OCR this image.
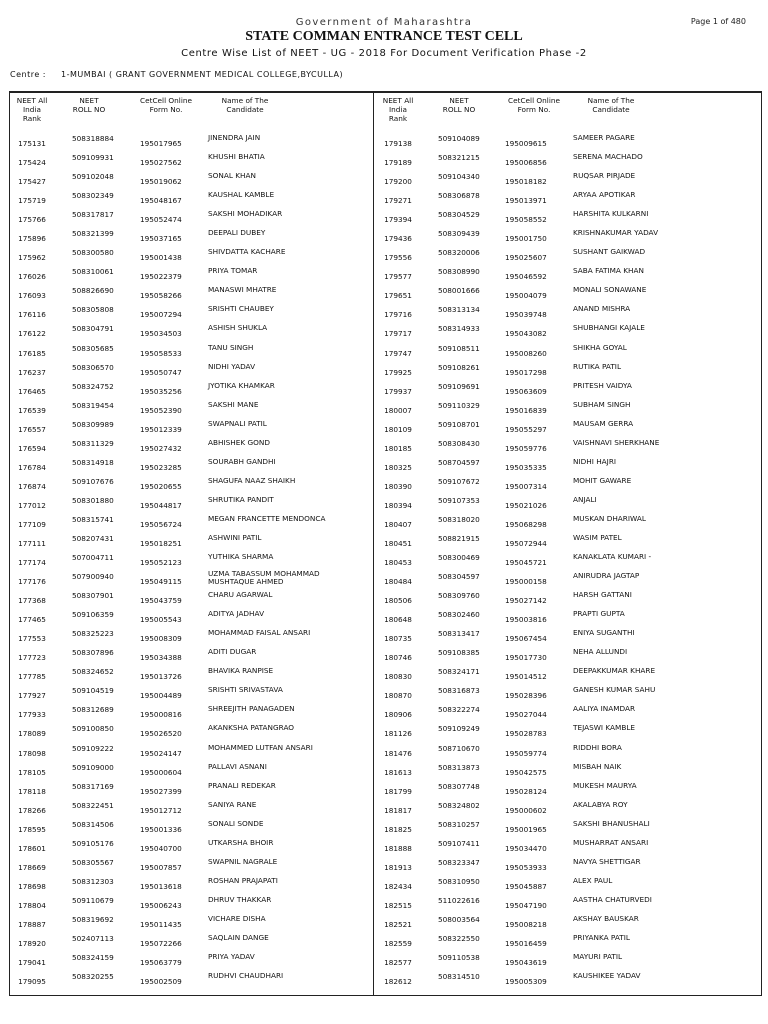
Government of Maharashtra	Page 1 of 480
STATE COMMAN ENTRANCE TEST CELL
Centre Wise List of NEET - UG - 2018 For Document Verification Phase -2
Centre : 1-MUMBAI ( GRANT GOVERNMENT MEDICAL COLLEGE,BYCULLA)
NEET All
India
Rank
NEET
ROLL NO
CetCell Online
Form No.
Name of The
Candidate
175131
508318884
195017965
JINENDRA JAIN
175424
509109931
195027562
KHUSHI BHATIA
175427
509102048
195019062
SONAL KHAN
175719
508302349
195048167
KAUSHAL KAMBLE
175766
508317817
195052474
SAKSHI MOHADIKAR
175896
508321399
195037165
DEEPALI DUBEY
175962
508300580
195001438
SHIVDATTA KACHARE
176026
508310061
195022379
PRIYA TOMAR
176093
508826690
195058266
MANASWI MHATRE
176116
508305808
195007294
SRISHTI CHAUBEY
176122
508304791
195034503
ASHISH SHUKLA
176185
508305685
195058533
TANU SINGH
176237
508306570
195050747
NIDHI YADAV
176465
508324752
195035256
JYOTIKA KHAMKAR
176539
508319454
195052390
SAKSHI MANE
176557
508309989
195012339
SWAPNALI PATIL
176594
508311329
195027432
ABHISHEK GOND
176784
508314918
195023285
SOURABH GANDHI
176874
509107676
195020655
SHAGUFA NAAZ SHAIKH
177012
508301880
195044817
SHRUTIKA PANDIT
177109
508315741
195056724
MEGAN FRANCETTE MENDONCA
177111
508207431
195018251
ASHWINI PATIL
177174
507004711
195052123
YUTHIKA SHARMA
177176
507900940
195049115
UZMA TABASSUM MOHAMMAD MUSHTAQUE AHMED
177368
508307901
195043759
CHARU AGARWAL
177465
509106359
195005543
ADITYA JADHAV
177553
508325223
195008309
MOHAMMAD FAISAL ANSARI
177723
508307896
195034388
ADITI DUGAR
177785
508324652
195013726
BHAVIKA RANPISE
177927
509104519
195004489
SRISHTI SRIVASTAVA
177933
508312689
195000816
SHREEJITH PANAGADEN
178089
509100850
195026520
AKANKSHA PATANGRAO
178098
509109222
195024147
MOHAMMED LUTFAN ANSARI
178105
509109000
195000604
PALLAVI ASNANI
178118
508317169
195027399
PRANALI REDEKAR
178266
508322451
195012712
SANIYA RANE
178595
508314506
195001336
SONALI SONDE
178601
509105176
195040700
UTKARSHA BHOIR
178669
508305567
195007857
SWAPNIL NAGRALE
178698
508312303
195013618
ROSHAN PRAJAPATI
178804
509110679
195006243
DHRUV THAKKAR
178887
508319692
195011435
VICHARE DISHA
178920
502407113
195072266
SAQLAIN DANGE
179041
508324159
195063779
PRIYA YADAV
179095
508320255
195002509
RUDHVI CHAUDHARI
NEET All
India
Rank
NEET
ROLL NO
CetCell Online
Form No.
Name of The
Candidate
179138
509104089
195009615
SAMEER PAGARE
179189
508321215
195006856
SERENA MACHADO
179200
509104340
195018182
RUQSAR PIRJADE
179271
508306878
195013971
ARYAA APOTIKAR
179394
508304529
195058552
HARSHITA KULKARNI
179436
508309439
195001750
KRISHNAKUMAR YADAV
179556
508320006
195025607
SUSHANT GAIKWAD
179577
508308990
195046592
SABA FATIMA KHAN
179651
508001666
195004079
MONALI SONAWANE
179716
508313134
195039748
ANAND MISHRA
179717
508314933
195043082
SHUBHANGI KAJALE
179747
509108511
195008260
SHIKHA GOYAL
179925
509108261
195017298
RUTIKA PATIL
179937
509109691
195063609
PRITESH VAIDYA
180007
509110329
195016839
SUBHAM SINGH
180109
509108701
195055297
MAUSAM GERRA
180185
508308430
195059776
VAISHNAVI SHERKHANE
180325
508704597
195035335
NIDHI HAJRI
180390
509107672
195007314
MOHIT GAWARE
180394
509107353
195021026
ANJALI
180407
508318020
195068298
MUSKAN DHARIWAL
180451
508821915
195072944
WASIM PATEL
180453
508300469
195045721
KANAKLATA KUMARI -
180484
508304597
195000158
ANIRUDRA JAGTAP
180506
508309760
195027142
HARSH GATTANI
180648
508302460
195003816
PRAPTI GUPTA
180735
508313417
195067454
ENIYA SUGANTHI
180746
509108385
195017730
NEHA ALLUNDI
180830
508324171
195014512
DEEPAKKUMAR KHARE
180870
508316873
195028396
GANESH KUMAR SAHU
180906
508322274
195027044
AALIYA INAMDAR
181126
509109249
195028783
TEJASWI KAMBLE
181476
508710670
195059774
RIDDHI BORA
181613
508313873
195042575
MISBAH NAIK
181799
508307748
195028124
MUKESH MAURYA
181817
508324802
195000602
AKALABYA ROY
181825
508310257
195001965
SAKSHI BHANUSHALI
181888
509107411
195034470
MUSHARRAT ANSARI
181913
508323347
195053933
NAVYA SHETTIGAR
182434
508310950
195045887
ALEX PAUL
182515
511022616
195047190
AASTHA CHATURVEDI
182521
508003564
195008218
AKSHAY BAUSKAR
182559
508322550
195016459
PRIYANKA PATIL
182577
509110538
195043619
MAYURI PATIL
182612
508314510
195005309
KAUSHIKEE YADAV
